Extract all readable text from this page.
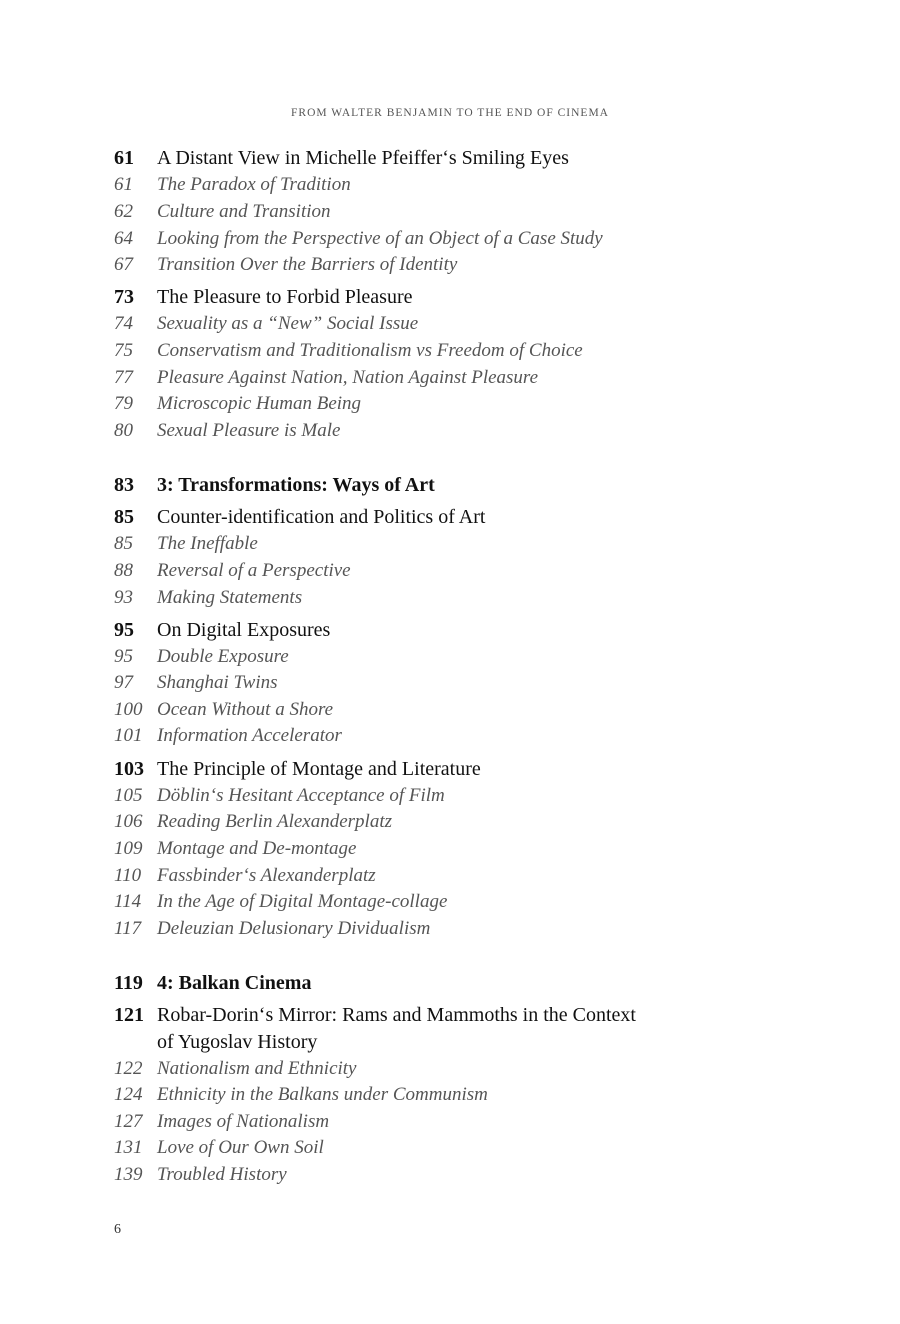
FROM WALTER BENJAMIN TO THE END OF CINEMA
61	A Distant View in Michelle Pfeiffer‘s Smiling Eyes
61	The Paradox of Tradition
62	Culture and Transition
64	Looking from the Perspective of an Object of a Case Study
67	Transition Over the Barriers of Identity
73	The Pleasure to Forbid Pleasure
74	Sexuality as a “New” Social Issue
75	Conservatism and Traditionalism vs Freedom of Choice
77	Pleasure Against Nation, Nation Against Pleasure
79	Microscopic Human Being
80	Sexual Pleasure is Male
83	3: Transformations: Ways of Art
85	Counter-identification and Politics of Art
85	The Ineffable
88	Reversal of a Perspective
93	Making Statements
95	On Digital Exposures
95	Double Exposure
97	Shanghai Twins
100 Ocean Without a Shore
101 Information Accelerator
103 The Principle of Montage and Literature
105 Döblin‘s Hesitant Acceptance of Film
106 Reading Berlin Alexanderplatz
109 Montage and De-montage
110 Fassbinder‘s Alexanderplatz
114 In the Age of Digital Montage-collage
117 Deleuzian Delusionary Dividualism
119 4: Balkan Cinema
121 Robar-Dorin‘s Mirror: Rams and Mammoths in the Context
of Yugoslav History
122 Nationalism and Ethnicity
124 Ethnicity in the Balkans under Communism
127 Images of Nationalism
131 Love of Our Own Soil
139 Troubled History
6
